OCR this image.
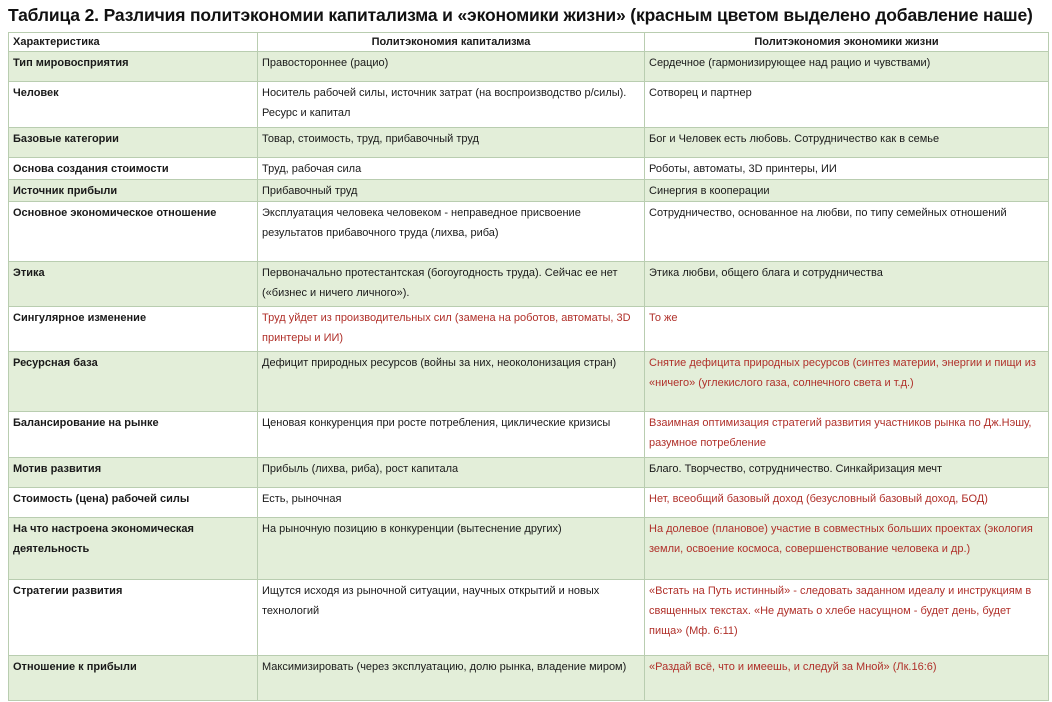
Таблица 2. Различия политэкономии капитализма и «экономики жизни» (красным цветом выделено добавление наше)
Характеристика	Политэкономия капитализма	Политэкономия экономики жизни
Тип мировосприятия	Правостороннее (рацио)	Сердечное (гармонизирующее над рацио и чувствами)
Человек	Носитель рабочей силы, источник затрат (на воспроизводство р/силы). Ресурс и капитал	Сотворец и партнер
Базовые категории	Товар, стоимость, труд, прибавочный труд	Бог и Человек есть любовь. Сотрудничество как в семье
Основа создания стоимости	Труд, рабочая сила	Роботы, автоматы, 3D принтеры, ИИ
Источник прибыли	Прибавочный труд	Синергия в кооперации
Основное экономическое отношение	Эксплуатация человека человеком - неправедное присвоение результатов прибавочного труда (лихва, риба)	Сотрудничество, основанное на любви, по типу семейных отношений
Этика	Первоначально протестантская (богоугодность труда). Сейчас ее нет («бизнес и ничего личного»).	Этика любви, общего блага и сотрудничества
Сингулярное изменение	Труд уйдет из производительных сил (замена на роботов, автоматы, 3D принтеры и ИИ)	То же
Ресурсная база	Дефицит природных ресурсов (войны за них, неоколонизация стран)	Снятие дефицита природных ресурсов (синтез материи, энергии и пищи из «ничего» (углекислого газа, солнечного света и т.д.)
Балансирование на рынке	Ценовая конкуренция при росте потребления, циклические кризисы	Взаимная оптимизация стратегий развития участников рынка по Дж.Нэшу, разумное потребление
Мотив развития	Прибыль (лихва, риба), рост капитала	Благо. Творчество, сотрудничество. Синкайризация мечт
Стоимость (цена) рабочей силы	Есть, рыночная	Нет, всеобщий базовый доход (безусловный базовый доход, БОД)
На что настроена экономическая деятельность	На рыночную позицию в конкуренции (вытеснение других)	На долевое (плановое) участие в совместных больших проектах (экология земли, освоение космоса, совершенствование человека и др.)
Стратегии развития	Ищутся исходя из рыночной ситуации, научных открытий и новых технологий	«Встать на Путь истинный» - следовать заданном идеалу и инструкциям в священных текстах. «Не думать о хлебе насущном - будет день, будет пища» (Мф. 6:11)
Отношение к прибыли	Максимизировать (через эксплуатацию, долю рынка, владение миром)	«Раздай всё, что и имеешь, и следуй за Мной» (Лк.16:6)
